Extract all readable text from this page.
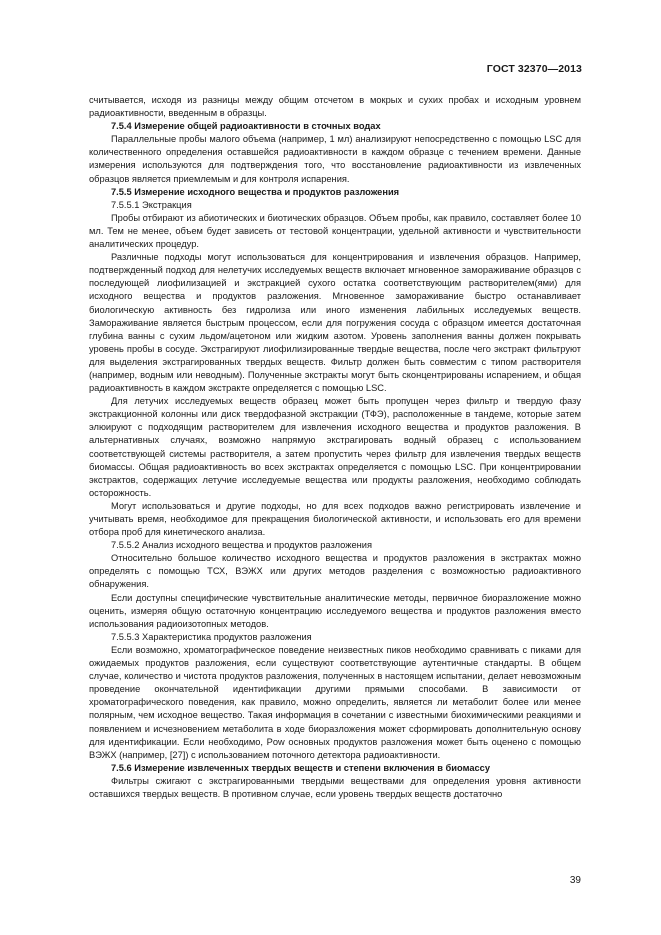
ГОСТ 32370—2013

считывается, исходя из разницы между общим отсчетом в мокрых и сухих пробах и исходным уровнем радиоактивности, введенным в образцы.

7.5.4 Измерение общей радиоактивности в сточных водах

Параллельные пробы малого объема (например, 1 мл) анализируют непосредственно с помощью LSC для количественного определения оставшейся радиоактивности в каждом образце с течением времени. Данные измерения используются для подтверждения того, что восстановление радиоактивности из извлеченных образцов является приемлемым и для контроля испарения.

7.5.5 Измерение исходного вещества и продуктов разложения

7.5.5.1 Экстракция

Пробы отбирают из абиотических и биотических образцов. Объем пробы, как правило, составляет более 10 мл. Тем не менее, объем будет зависеть от тестовой концентрации, удельной активности и чувствительности аналитических процедур.

Различные подходы могут использоваться для концентрирования и извлечения образцов. Например, подтвержденный подход для нелетучих исследуемых веществ включает мгновенное замораживание образцов с последующей лиофилизацией и экстракцией сухого остатка соответствующим растворителем(ями) для исходного вещества и продуктов разложения. Мгновенное замораживание быстро останавливает биологическую активность без гидролиза или иного изменения лабильных исследуемых веществ. Замораживание является быстрым процессом, если для погружения сосуда с образцом имеется достаточная глубина ванны с сухим льдом/ацетоном или жидким азотом. Уровень заполнения ванны должен покрывать уровень пробы в сосуде. Экстрагируют лиофилизированные твердые вещества, после чего экстракт фильтруют для выделения экстрагированных твердых веществ. Фильтр должен быть совместим с типом растворителя (например, водным или неводным). Полученные экстракты могут быть сконцентрированы испарением, и общая радиоактивность в каждом экстракте определяется с помощью LSC.

Для летучих исследуемых веществ образец может быть пропущен через фильтр и твердую фазу экстракционной колонны или диск твердофазной экстракции (ТФЭ), расположенные в тандеме, которые затем элюируют с подходящим растворителем для извлечения исходного вещества и продуктов разложения. В альтернативных случаях, возможно напрямую экстрагировать водный образец с использованием соответствующей системы растворителя, а затем пропустить через фильтр для извлечения твердых веществ биомассы. Общая радиоактивность во всех экстрактах определяется с помощью LSC. При концентрировании экстрактов, содержащих летучие исследуемые вещества или продукты разложения, необходимо соблюдать осторожность.

Могут использоваться и другие подходы, но для всех подходов важно регистрировать извлечение и учитывать время, необходимое для прекращения биологической активности, и использовать его для времени отбора проб для кинетического анализа.

7.5.5.2 Анализ исходного вещества и продуктов разложения

Относительно большое количество исходного вещества и продуктов разложения в экстрактах можно определять с помощью ТСХ, ВЭЖХ или других методов разделения с возможностью радиоактивного обнаружения.

Если доступны специфические чувствительные аналитические методы, первичное биоразложение можно оценить, измеряя общую остаточную концентрацию исследуемого вещества и продуктов разложения вместо использования радиоизотопных методов.

7.5.5.3 Характеристика продуктов разложения

Если возможно, хроматографическое поведение неизвестных пиков необходимо сравнивать с пиками для ожидаемых продуктов разложения, если существуют соответствующие аутентичные стандарты. В общем случае, количество и чистота продуктов разложения, полученных в настоящем испытании, делает невозможным проведение окончательной идентификации другими прямыми способами. В зависимости от хроматографического поведения, как правило, можно определить, является ли метаболит более или менее полярным, чем исходное вещество. Такая информация в сочетании с известными биохимическими реакциями и появлением и исчезновением метаболита в ходе биоразложения может сформировать дополнительную основу для идентификации. Если необходимо, Pow основных продуктов разложения может быть оценено с помощью ВЭЖХ (например, [27]) с использованием поточного детектора радиоактивности.

7.5.6 Измерение извлеченных твердых веществ и степени включения в биомассу

Фильтры сжигают с экстрагированными твердыми веществами для определения уровня активности оставшихся твердых веществ. В противном случае, если уровень твердых веществ достаточно

39
